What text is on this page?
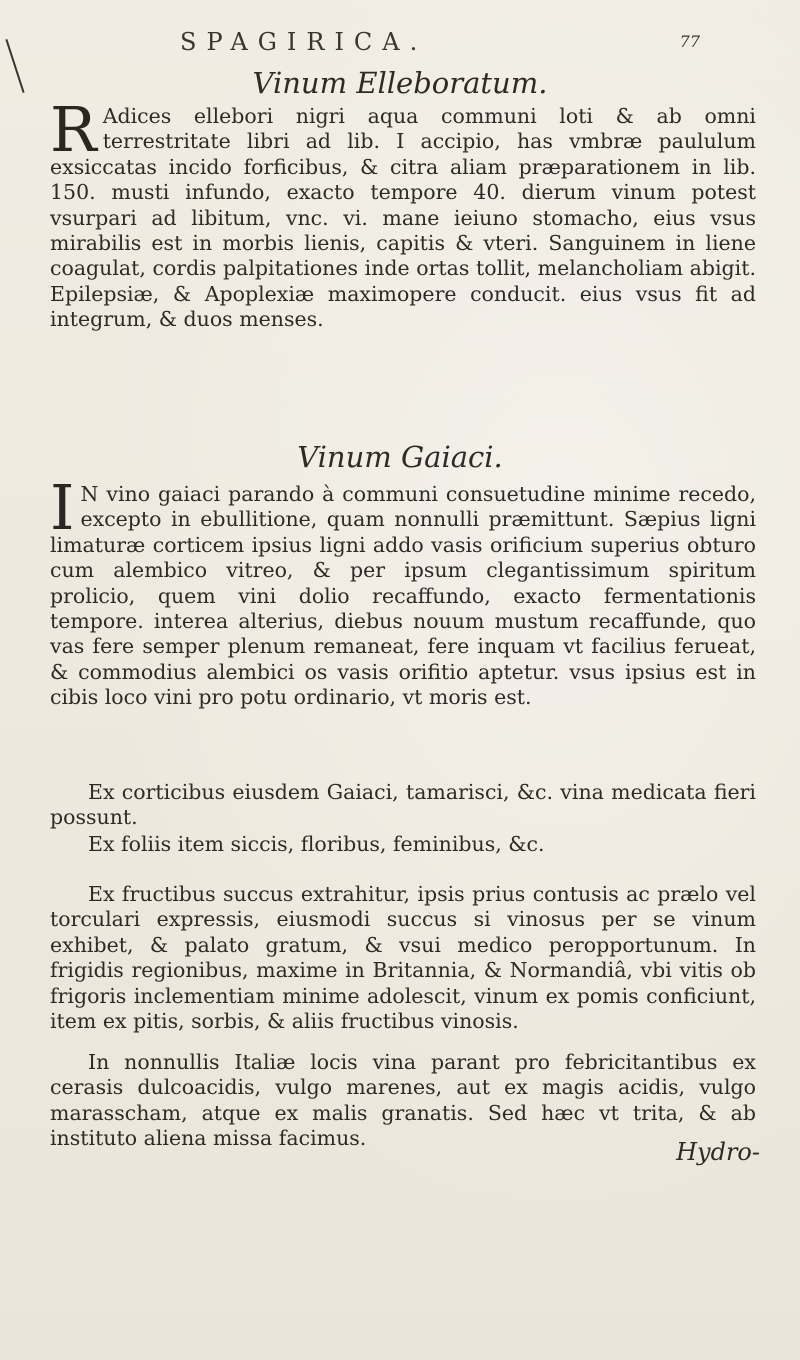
SPAGIRICA.	77
Vinum Elleboratum.
R Adices ellebori nigri aqua communi loti & ab omni terrestritate libri ad lib. I accipio, has vmbræ paululum exsiccatas incido forficibus, & citra aliam præparationem in lib. 150. musti infundo, exacto tempore 40. dierum vinum potest vsurpari ad libitum, vnc. vi. mane ieiuno stomacho, eius vsus mirabilis est in morbis lienis, capitis & vteri. Sanguinem in liene coagulat, cordis palpitationes inde ortas tollit, melancholiam abigit. Epilepsiæ, & Apoplexiæ maximopere conducit. eius vsus fit ad integrum, & duos menses.
Vinum Gaiaci.
I N vino gaiaci parando à communi consuetudine minime recedo, excepto in ebullitione, quam nonnulli præmittunt. Sæpius ligni limaturæ corticem ipsius ligni addo vasis orificium superius obturo cum alembico vitreo, & per ipsum clegantissimum spiritum prolicio, quem vini dolio recaffundo, exacto fermentationis tempore. interea alterius, diebus nouum mustum recaffunde, quo vas fere semper plenum remaneat, fere inquam vt facilius ferueat, & commodius alembici os vasis orifitio aptetur. vsus ipsius est in cibis loco vini pro potu ordinario, vt moris est.
Ex corticibus eiusdem Gaiaci, tamarisci, &c. vina medicata fieri possunt.
Ex foliis item siccis, floribus, feminibus, &c.
Ex fructibus succus extrahitur, ipsis prius contusis ac prælo vel torculari expressis, eiusmodi succus si vinosus per se vinum exhibet, & palato gratum, & vsui medico peropportunum. In frigidis regionibus, maxime in Britannia, & Normandiâ, vbi vitis ob frigoris inclementiam minime adolescit, vinum ex pomis conficiunt, item ex pitis, sorbis, & aliis fructibus vinosis.
In nonnullis Italiæ locis vina parant pro febricitantibus ex cerasis dulcoacidis, vulgo marenes, aut ex magis acidis, vulgo marasscham, atque ex malis granatis. Sed hæc vt trita, & ab instituto aliena missa facimus.	Hydro-
